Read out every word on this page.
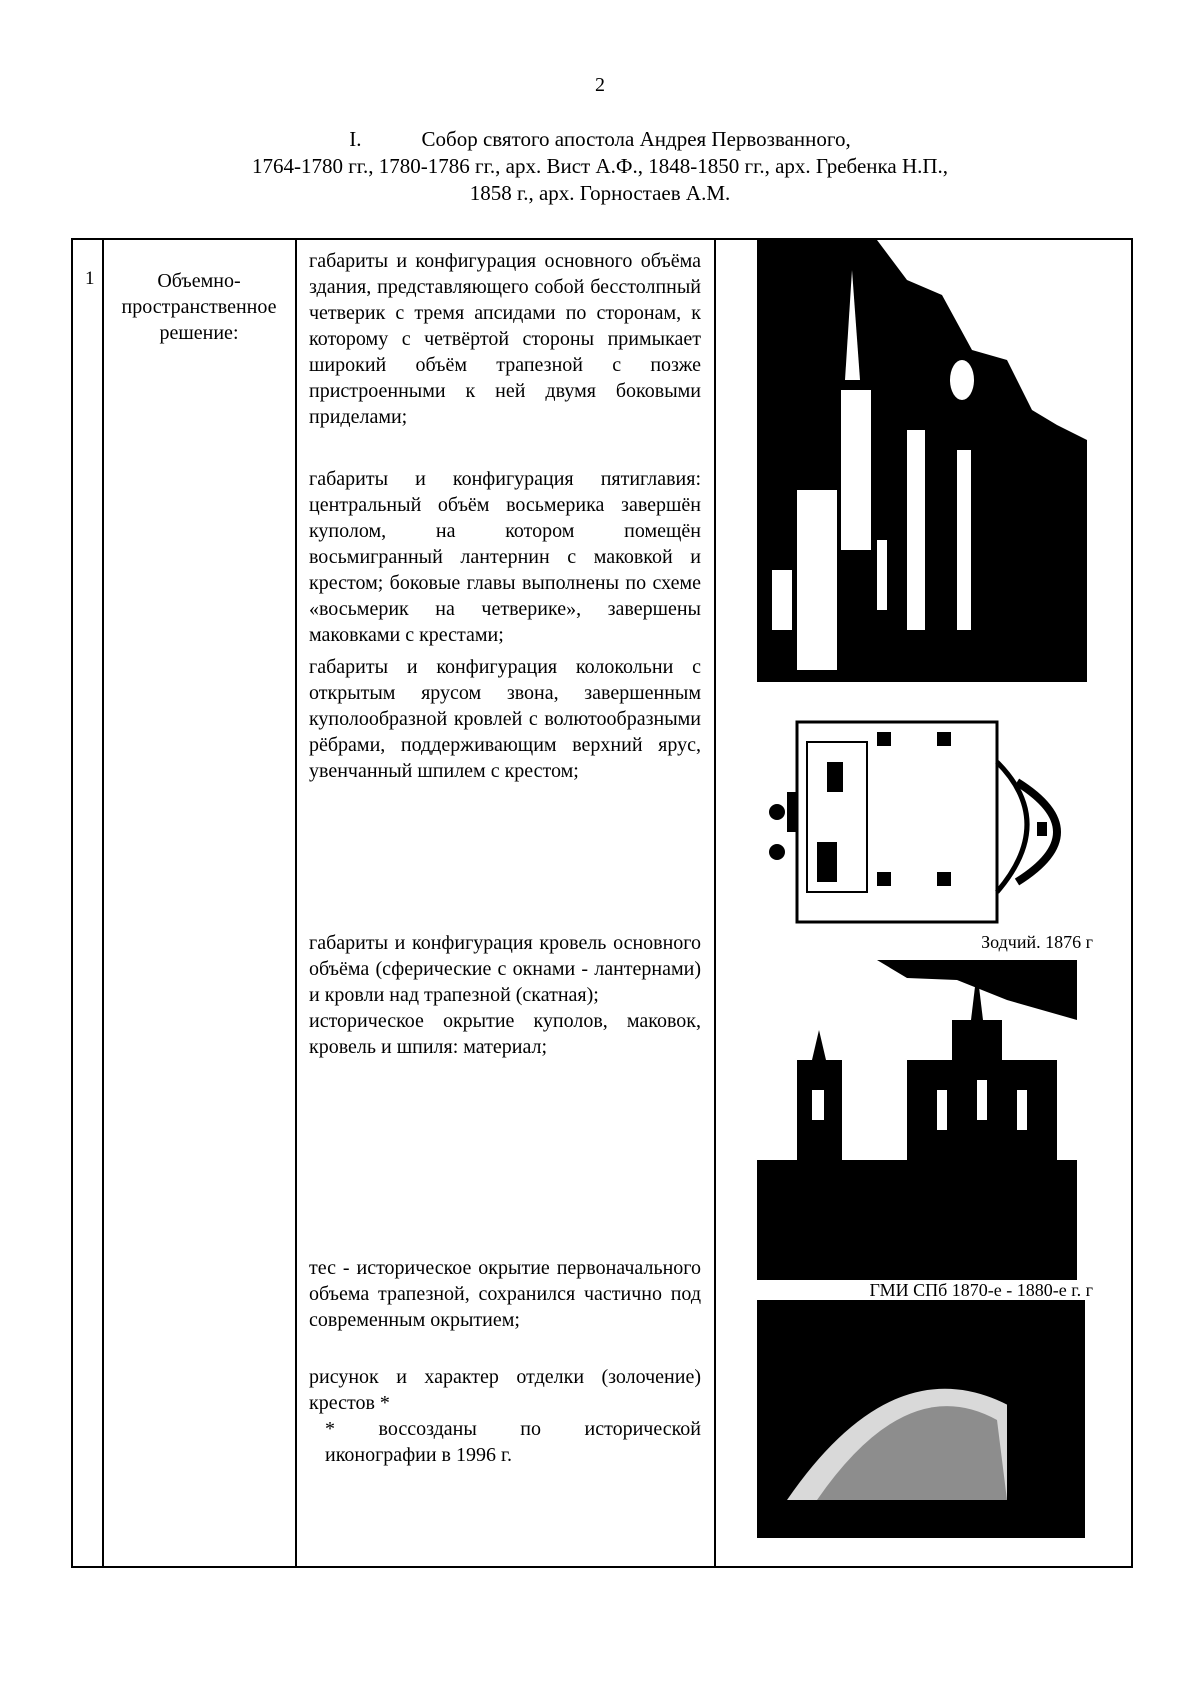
2
I.	Собор святого апостола Андрея Первозванного,
1764-1780 гг., 1780-1786 гг., арх. Вист А.Ф., 1848-1850 гг., арх. Гребенка Н.П.,
1858 г., арх. Горностаев А.М.
1	Объемно-
пространственное
решение:

габариты и конфигурация основного объёма здания, представляющего собой бесстолпный четверик с тремя апсидами по сторонам, к которому с четвёртой стороны примыкает широкий объём трапезной с позже пристроенными к ней двумя боковыми приделами;

габариты и конфигурация пятиглавия: центральный объём восьмерика завершён куполом, на котором помещён восьмигранный лантернин с маковкой и крестом; боковые главы выполнены по схеме «восьмерик на четверике», завершены маковками с крестами;

габариты и конфигурация колокольни с открытым ярусом звона, завершенным куполообразной кровлей с волютообразными рёбрами, поддерживающим верхний ярус, увенчанный шпилем с крестом;

габариты и конфигурация кровель основного объёма (сферические с окнами - лантернами) и кровли над трапезной (скатная);

историческое окрытие куполов, маковок, кровель и шпиля: материал;

тес - историческое окрытие первоначального объема трапезной, сохранился частично под современным окрытием;

рисунок и характер отделки (золочение) крестов *

* воссозданы по исторической иконографии в 1996 г.

Зодчий. 1876 г
ГМИ СПб 1870-е - 1880-е г. г
